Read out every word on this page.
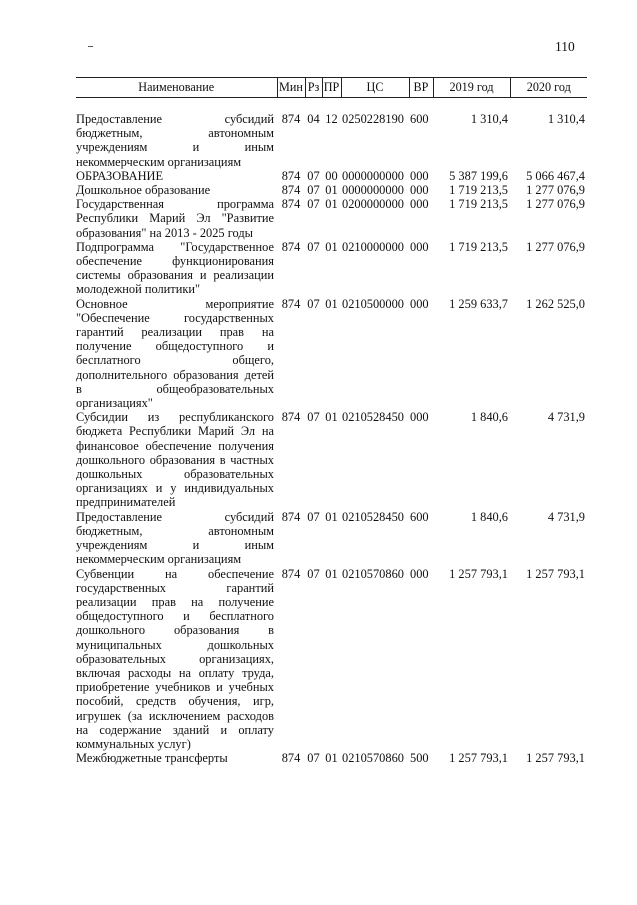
110
Наименование	Мин	Рз	ПР	ЦС	ВР	2019 год	2020 год

Предоставление субсидий бюджетным, автономным учреждениям и иным некоммерческим организациям	874	04	12	0250228190	600	1 310,4	1 310,4
ОБРАЗОВАНИЕ	874	07	00	0000000000	000	5 387 199,6	5 066 467,4
Дошкольное образование	874	07	01	0000000000	000	1 719 213,5	1 277 076,9
Государственная программа Республики Марий Эл "Развитие образования" на 2013 - 2025 годы	874	07	01	0200000000	000	1 719 213,5	1 277 076,9
Подпрограмма "Государственное обеспечение функционирования системы образования и реализации молодежной политики"	874	07	01	0210000000	000	1 719 213,5	1 277 076,9
Основное мероприятие "Обеспечение государственных гарантий реализации прав на получение общедоступного и бесплатного общего, дополнительного образования детей в общеобразовательных организациях"	874	07	01	0210500000	000	1 259 633,7	1 262 525,0
Субсидии из республиканского бюджета Республики Марий Эл на финансовое обеспечение получения дошкольного образования в частных дошкольных образовательных организациях и у индивидуальных предпринимателей	874	07	01	0210528450	000	1 840,6	4 731,9
Предоставление субсидий бюджетным, автономным учреждениям и иным некоммерческим организациям	874	07	01	0210528450	600	1 840,6	4 731,9
Субвенции на обеспечение государственных гарантий реализации прав на получение общедоступного и бесплатного дошкольного образования в муниципальных дошкольных образовательных организациях, включая расходы на оплату труда, приобретение учебников и учебных пособий, средств обучения, игр, игрушек (за исключением расходов на содержание зданий и оплату коммунальных услуг)	874	07	01	0210570860	000	1 257 793,1	1 257 793,1
Межбюджетные трансферты	874	07	01	0210570860	500	1 257 793,1	1 257 793,1
